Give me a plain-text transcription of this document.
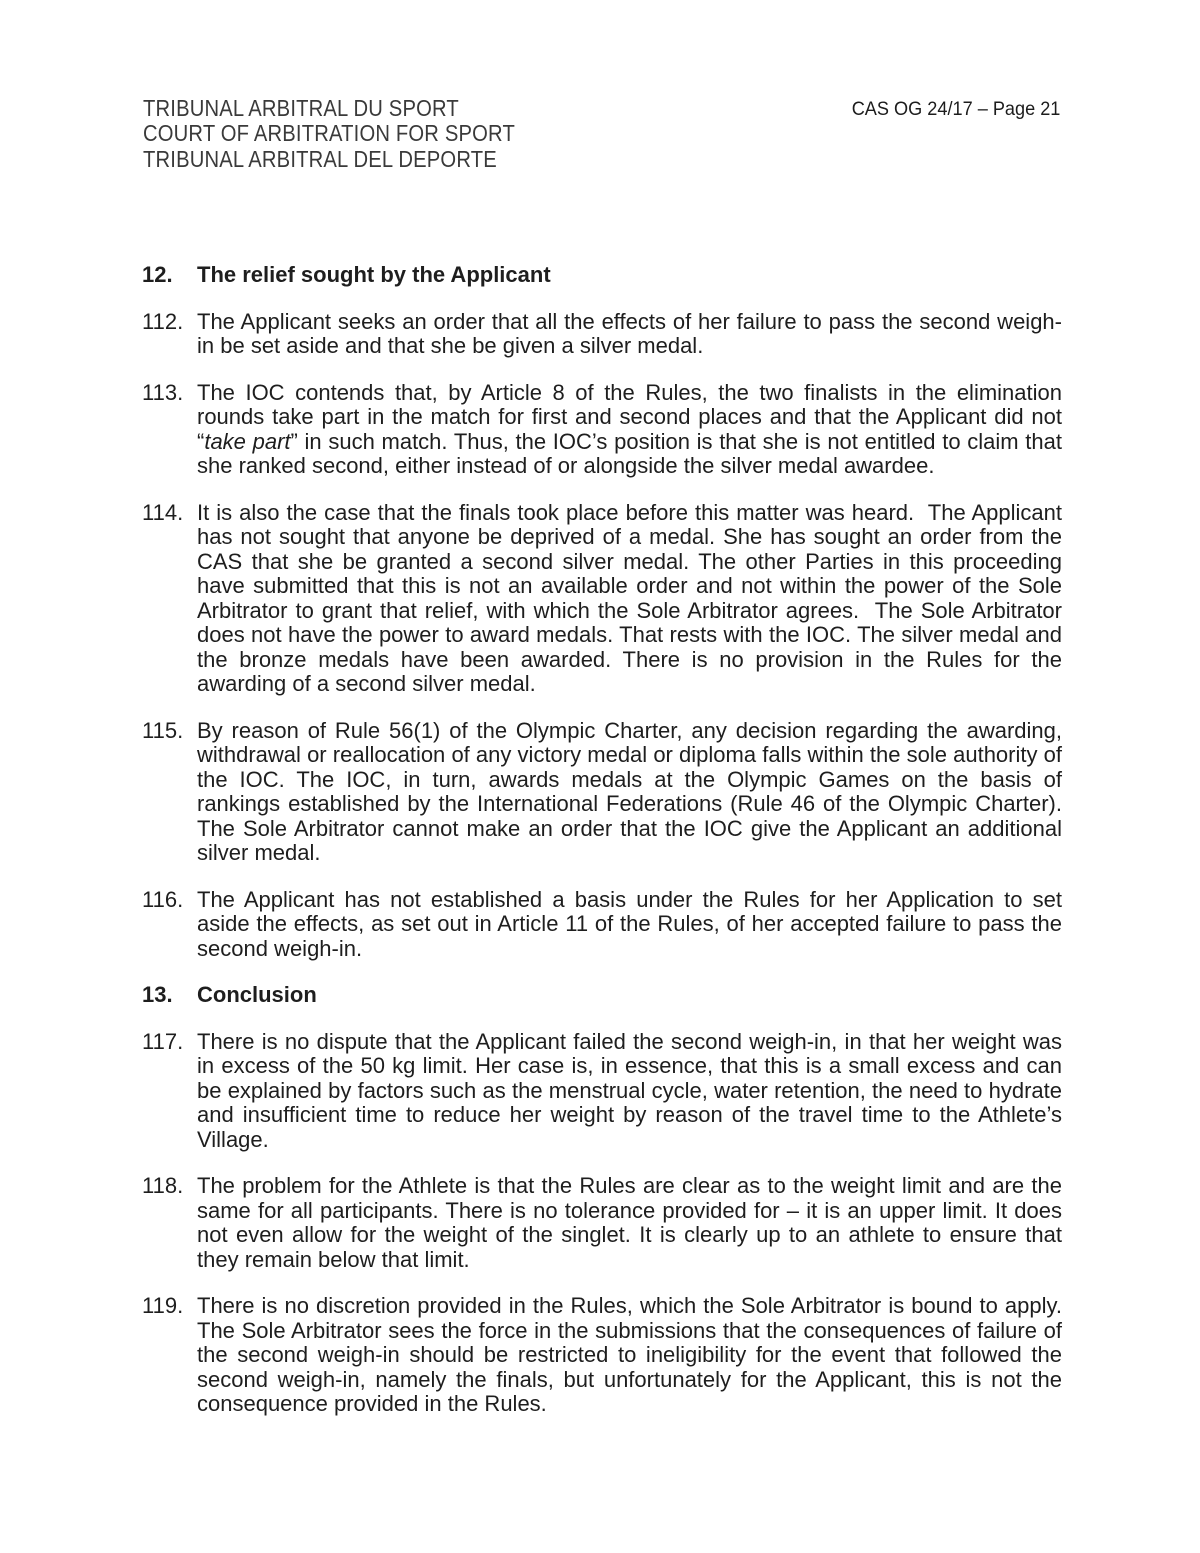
TRIBUNAL ARBITRAL DU SPORT
COURT OF ARBITRATION FOR SPORT
TRIBUNAL ARBITRAL DEL DEPORTE
CAS OG 24/17 – Page 21
12. The relief sought by the Applicant
112. The Applicant seeks an order that all the effects of her failure to pass the second weigh-in be set aside and that she be given a silver medal.
113. The IOC contends that, by Article 8 of the Rules, the two finalists in the elimination rounds take part in the match for first and second places and that the Applicant did not “take part” in such match. Thus, the IOC’s position is that she is not entitled to claim that she ranked second, either instead of or alongside the silver medal awardee.
114. It is also the case that the finals took place before this matter was heard.  The Applicant has not sought that anyone be deprived of a medal. She has sought an order from the CAS that she be granted a second silver medal. The other Parties in this proceeding have submitted that this is not an available order and not within the power of the Sole Arbitrator to grant that relief, with which the Sole Arbitrator agrees.  The Sole Arbitrator does not have the power to award medals. That rests with the IOC. The silver medal and the bronze medals have been awarded. There is no provision in the Rules for the awarding of a second silver medal.
115. By reason of Rule 56(1) of the Olympic Charter, any decision regarding the awarding, withdrawal or reallocation of any victory medal or diploma falls within the sole authority of the IOC. The IOC, in turn, awards medals at the Olympic Games on the basis of rankings established by the International Federations (Rule 46 of the Olympic Charter). The Sole Arbitrator cannot make an order that the IOC give the Applicant an additional silver medal.
116. The Applicant has not established a basis under the Rules for her Application to set aside the effects, as set out in Article 11 of the Rules, of her accepted failure to pass the second weigh-in.
13. Conclusion
117. There is no dispute that the Applicant failed the second weigh-in, in that her weight was in excess of the 50 kg limit. Her case is, in essence, that this is a small excess and can be explained by factors such as the menstrual cycle, water retention, the need to hydrate and insufficient time to reduce her weight by reason of the travel time to the Athlete’s Village.
118. The problem for the Athlete is that the Rules are clear as to the weight limit and are the same for all participants. There is no tolerance provided for – it is an upper limit. It does not even allow for the weight of the singlet. It is clearly up to an athlete to ensure that they remain below that limit.
119. There is no discretion provided in the Rules, which the Sole Arbitrator is bound to apply. The Sole Arbitrator sees the force in the submissions that the consequences of failure of the second weigh-in should be restricted to ineligibility for the event that followed the second weigh-in, namely the finals, but unfortunately for the Applicant, this is not the consequence provided in the Rules.
